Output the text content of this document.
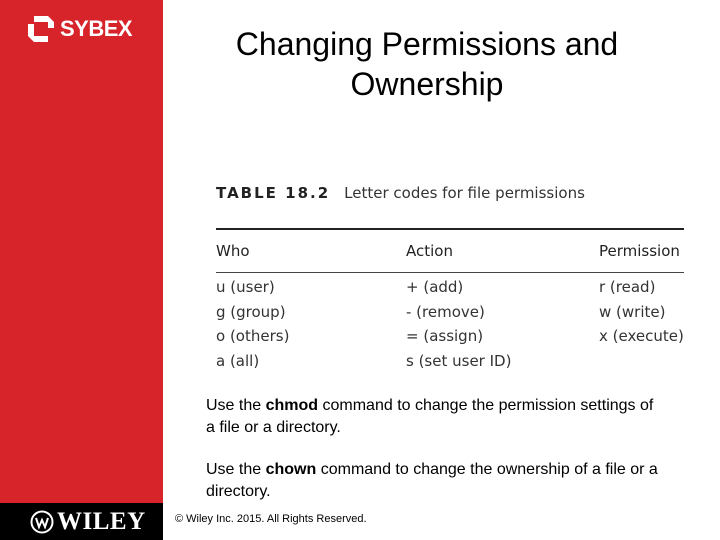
SYBEX
WILEY
Changing Permissions and
Ownership
TABLE 18.2 Letter codes for file permissions
Who	Action	Permission
u (user)	+ (add)	r (read)
g (group)	- (remove)	w (write)
o (others)	= (assign)	x (execute)
a (all)	s (set user ID)	
Use the chmod command to change the permission settings of a file or a directory.
Use the chown command to change the ownership of a file or a directory.
© Wiley Inc. 2015. All Rights Reserved.
